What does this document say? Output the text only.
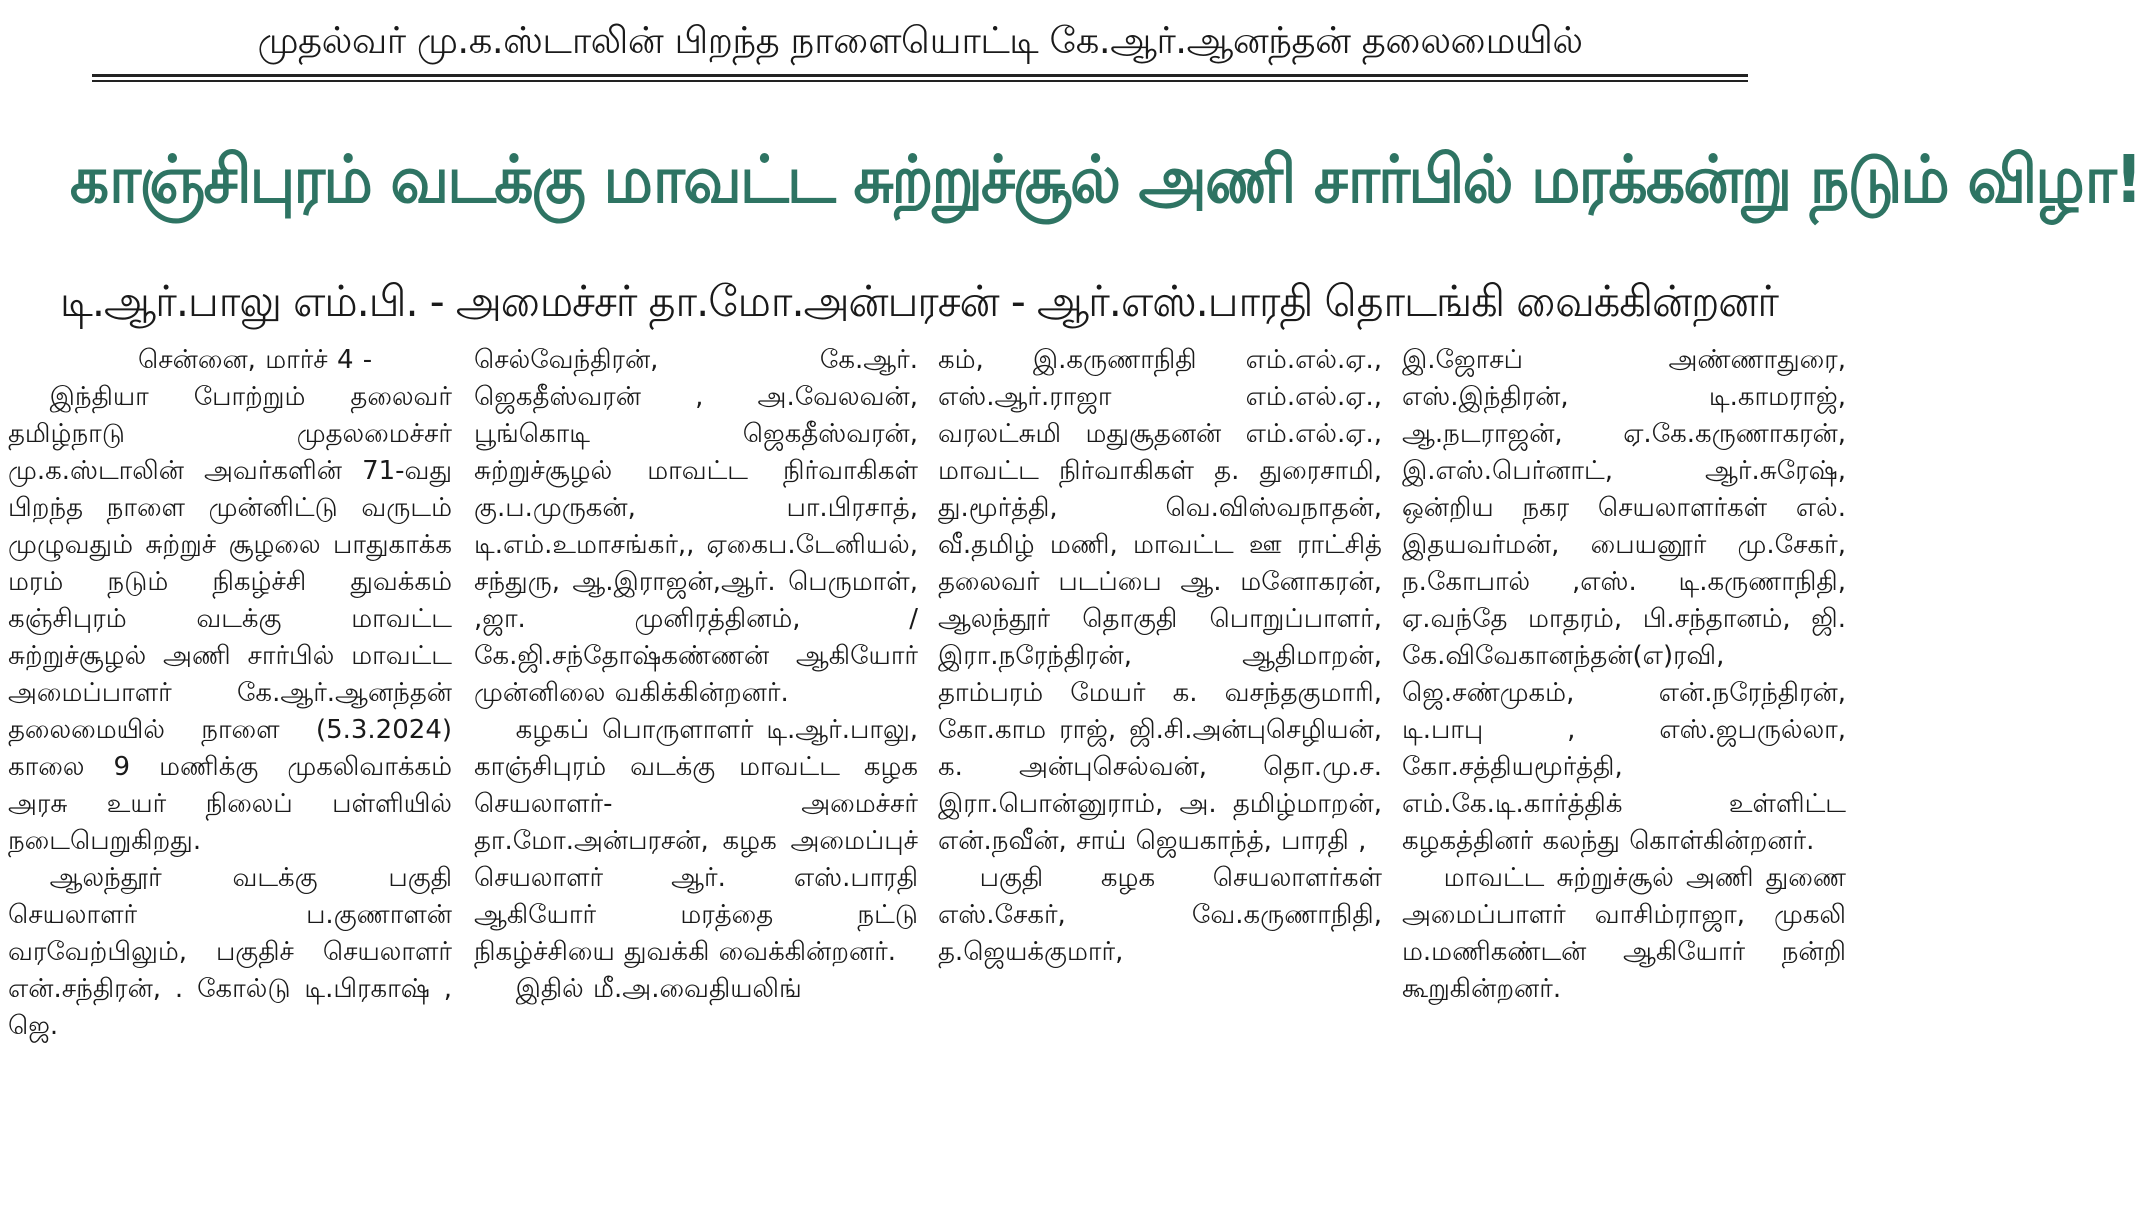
முதல்வர் மு.க.ஸ்டாலின் பிறந்த நாளையொட்டி கே.ஆர்.ஆனந்தன் தலைமையில்
காஞ்சிபுரம் வடக்கு மாவட்ட சுற்றுச்சூல் அணி சார்பில் மரக்கன்று நடும் விழா!
டி.ஆர்.பாலு எம்.பி. - அமைச்சர் தா.மோ.அன்பரசன் - ஆர்.எஸ்.பாரதி தொடங்கி வைக்கின்றனர்

சென்னை, மார்ச் 4 -

இந்தியா போற்றும் தலைவர் தமிழ்நாடு முதலமைச்சர் மு.க.ஸ்டாலின் அவர்களின் 71-வது பிறந்த நாளை முன்னிட்டு வருடம் முழுவதும் சுற்றுச் சூழலை பாதுகாக்க மரம் நடும் நிகழ்ச்சி துவக்கம் கஞ்சிபுரம் வடக்கு மாவட்ட சுற்றுச்சூழல் அணி சார்பில் மாவட்ட அமைப்பாளர் கே.ஆர்.ஆனந்தன் தலைமையில் நாளை (5.3.2024) காலை 9 மணிக்கு முகலிவாக்கம் அரசு உயர் நிலைப் பள்ளியில் நடைபெறுகிறது.

ஆலந்தூர் வடக்கு பகுதி செயலாளர் ப.குணாளன் வரவேற்பிலும், பகுதிச் செயலாளர் என்.சந்திரன், . கோல்டு டி.பிரகாஷ் , ஜெ.

செல்வேந்திரன், கே.ஆர். ஜெகதீஸ்வரன் , அ.வேலவன், பூங்கொடி ஜெகதீஸ்வரன், சுற்றுச்சூழல் மாவட்ட நிர்வாகிகள் கு.ப.முருகன், பா.பிரசாத், டி.எம்.உமாசங்கர்,, ஏகைப.டேனியல், சந்துரு, ஆ.இராஜன்,ஆர். பெருமாள், ,ஜா. முனிரத்தினம், /கே.ஜி.சந்தோஷ்கண்ணன் ஆகியோர் முன்னிலை வகிக்கின்றனர்.

கழகப் பொருளாளர் டி.ஆர்.பாலு, காஞ்சிபுரம் வடக்கு மாவட்ட கழக செயலாளர்- அமைச்சர் தா.மோ.அன்பரசன், கழக அமைப்புச் செயலாளர் ஆர். எஸ்.பாரதி ஆகியோர் மரத்தை நட்டு நிகழ்ச்சியை துவக்கி வைக்கின்றனர்.

இதில் மீ.அ.வைதியலிங்

கம், இ.கருணாநிதி எம்.எல்.ஏ., எஸ்.ஆர்.ராஜா எம்.எல்.ஏ., வரலட்சுமி மதுசூதனன் எம்.எல்.ஏ., மாவட்ட நிர்வாகிகள் த. துரைசாமி, து.மூர்த்தி, வெ.விஸ்வநாதன், வீ.தமிழ் மணி, மாவட்ட ஊ ராட்சித் தலைவர் படப்பை ஆ. மனோகரன், ஆலந்தூர் தொகுதி பொறுப்பாளர், இரா.நரேந்திரன், ஆதிமாறன், தாம்பரம் மேயர் க. வசந்தகுமாரி, கோ.காம ராஜ், ஜி.சி.அன்புசெழியன், க. அன்புசெல்வன், தொ.மு.ச. இரா.பொன்னுராம், அ. தமிழ்மாறன், என்.நவீன், சாய் ஜெயகாந்த், பாரதி ,

பகுதி கழக செயலாளர்கள் எஸ்.சேகர், வே.கருணாநிதி, த.ஜெயக்குமார்,

இ.ஜோசப் அண்ணாதுரை, எஸ்.இந்திரன், டி.காமராஜ், ஆ.நடராஜன், ஏ.கே.கருணாகரன், இ.எஸ்.பெர்னாட், ஆர்.சுரேஷ், ஒன்றிய நகர செயலாளர்கள் எல். இதயவர்மன், பையனூர் மு.சேகர், ந.கோபால் ,எஸ். டி.கருணாநிதி, ஏ.வந்தே மாதரம், பி.சந்தானம், ஜி. கே.விவேகானந்தன்(எ)ரவி, ஜெ.சண்முகம், என்.நரேந்திரன், டி.பாபு , எஸ்.ஜபருல்லா, கோ.சத்தியமூர்த்தி, எம்.கே.டி.கார்த்திக் உள்ளிட்ட கழகத்தினர் கலந்து கொள்கின்றனர்.

மாவட்ட சுற்றுச்சூல் அணி துணை அமைப்பாளர் வாசிம்ராஜா, முகலி ம.மணிகண்டன் ஆகியோர் நன்றி கூறுகின்றனர்.
